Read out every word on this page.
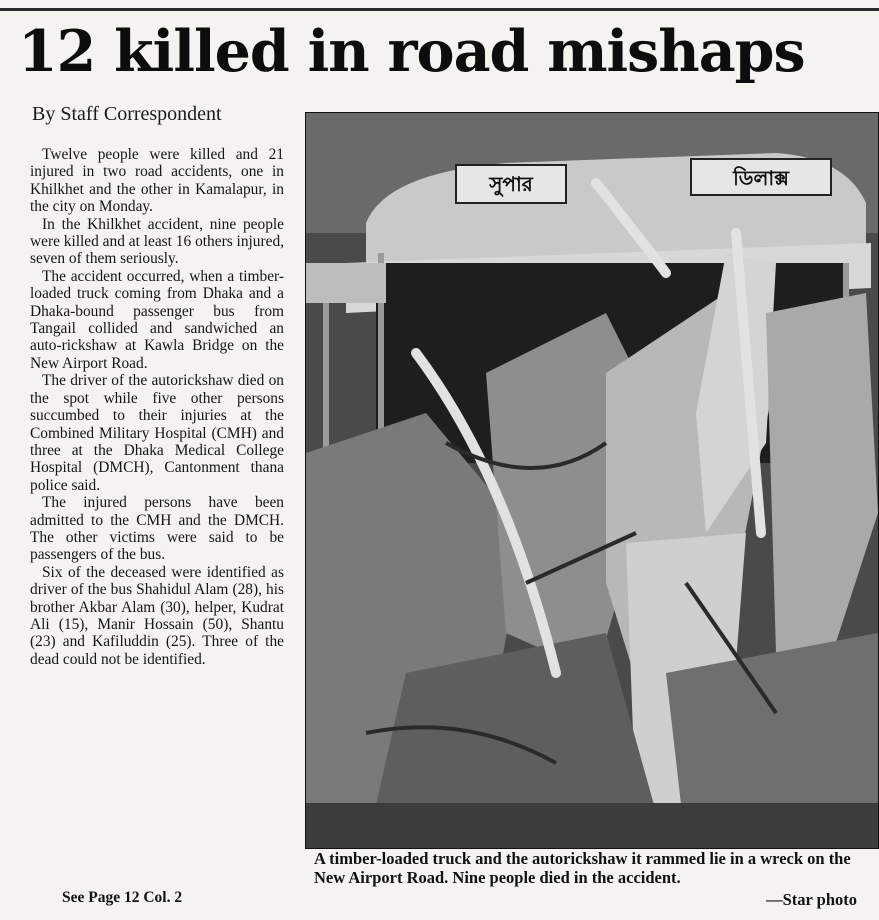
12 killed in road mishaps
By Staff Correspondent

Twelve people were killed and 21 injured in two road accidents, one in Khilkhet and the other in Kamalapur, in the city on Monday.

In the Khilkhet accident, nine people were killed and at least 16 others injured, seven of them seriously.

The accident occurred, when a timber-loaded truck coming from Dhaka and a Dhaka-bound passenger bus from Tangail collided and sandwiched an auto-rickshaw at Kawla Bridge on the New Airport Road.

The driver of the autorickshaw died on the spot while five other persons succumbed to their injuries at the Combined Military Hospital (CMH) and three at the Dhaka Medical College Hospital (DMCH), Cantonment thana police said.

The injured persons have been admitted to the CMH and the DMCH. The other victims were said to be passengers of the bus.

Six of the deceased were identified as driver of the bus Shahidul Alam (28), his brother Akbar Alam (30), helper, Kudrat Ali (15), Manir Hossain (50), Shantu (23) and Kafiluddin (25). Three of the dead could not be identified.

See Page 12 Col. 2
সুপার	ডিলাক্স
A timber-loaded truck and the autorickshaw it rammed lie in a wreck on the New Airport Road. Nine people died in the accident.
—Star photo
